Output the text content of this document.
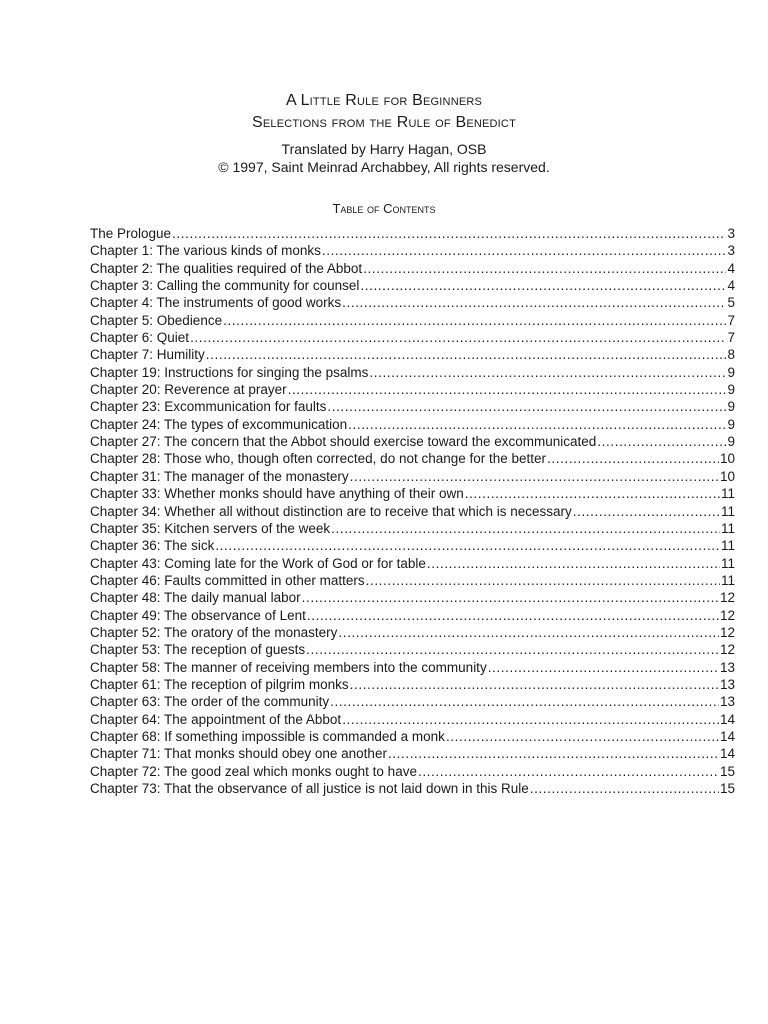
A Little Rule for Beginners
Selections from the Rule of Benedict
Translated by Harry Hagan, OSB
© 1997, Saint Meinrad Archabbey, All rights reserved.
Table of Contents
The Prologue .....	3
Chapter 1: The various kinds of monks .....	3
Chapter 2: The qualities required of the Abbot .....	4
Chapter 3: Calling the community for counsel .....	4
Chapter 4: The instruments of good works .....	5
Chapter 5: Obedience .....	7
Chapter 6: Quiet .....	7
Chapter 7: Humility .....	8
Chapter 19: Instructions for singing the psalms .....	9
Chapter 20: Reverence at prayer .....	9
Chapter 23: Excommunication for faults .....	9
Chapter 24: The types of excommunication .....	9
Chapter 27: The concern that the Abbot should exercise toward the excommunicated .....	9
Chapter 28: Those who, though often corrected, do not change for the better .....	10
Chapter 31: The manager of the monastery .....	10
Chapter 33: Whether monks should have anything of their own .....	11
Chapter 34: Whether all without distinction are to receive that which is necessary .....	11
Chapter 35: Kitchen servers of the week .....	11
Chapter 36: The sick .....	11
Chapter 43: Coming late for the Work of God or for table .....	11
Chapter 46: Faults committed in other matters .....	11
Chapter 48: The daily manual labor .....	12
Chapter 49: The observance of Lent .....	12
Chapter 52: The oratory of the monastery .....	12
Chapter 53: The reception of guests .....	12
Chapter 58: The manner of receiving members into the community .....	13
Chapter 61: The reception of pilgrim monks .....	13
Chapter 63: The order of the community .....	13
Chapter 64: The appointment of the Abbot .....	14
Chapter 68: If something impossible is commanded a monk .....	14
Chapter 71: That monks should obey one another .....	14
Chapter 72: The good zeal which monks ought to have .....	15
Chapter 73: That the observance of all justice is not laid down in this Rule .....	15
